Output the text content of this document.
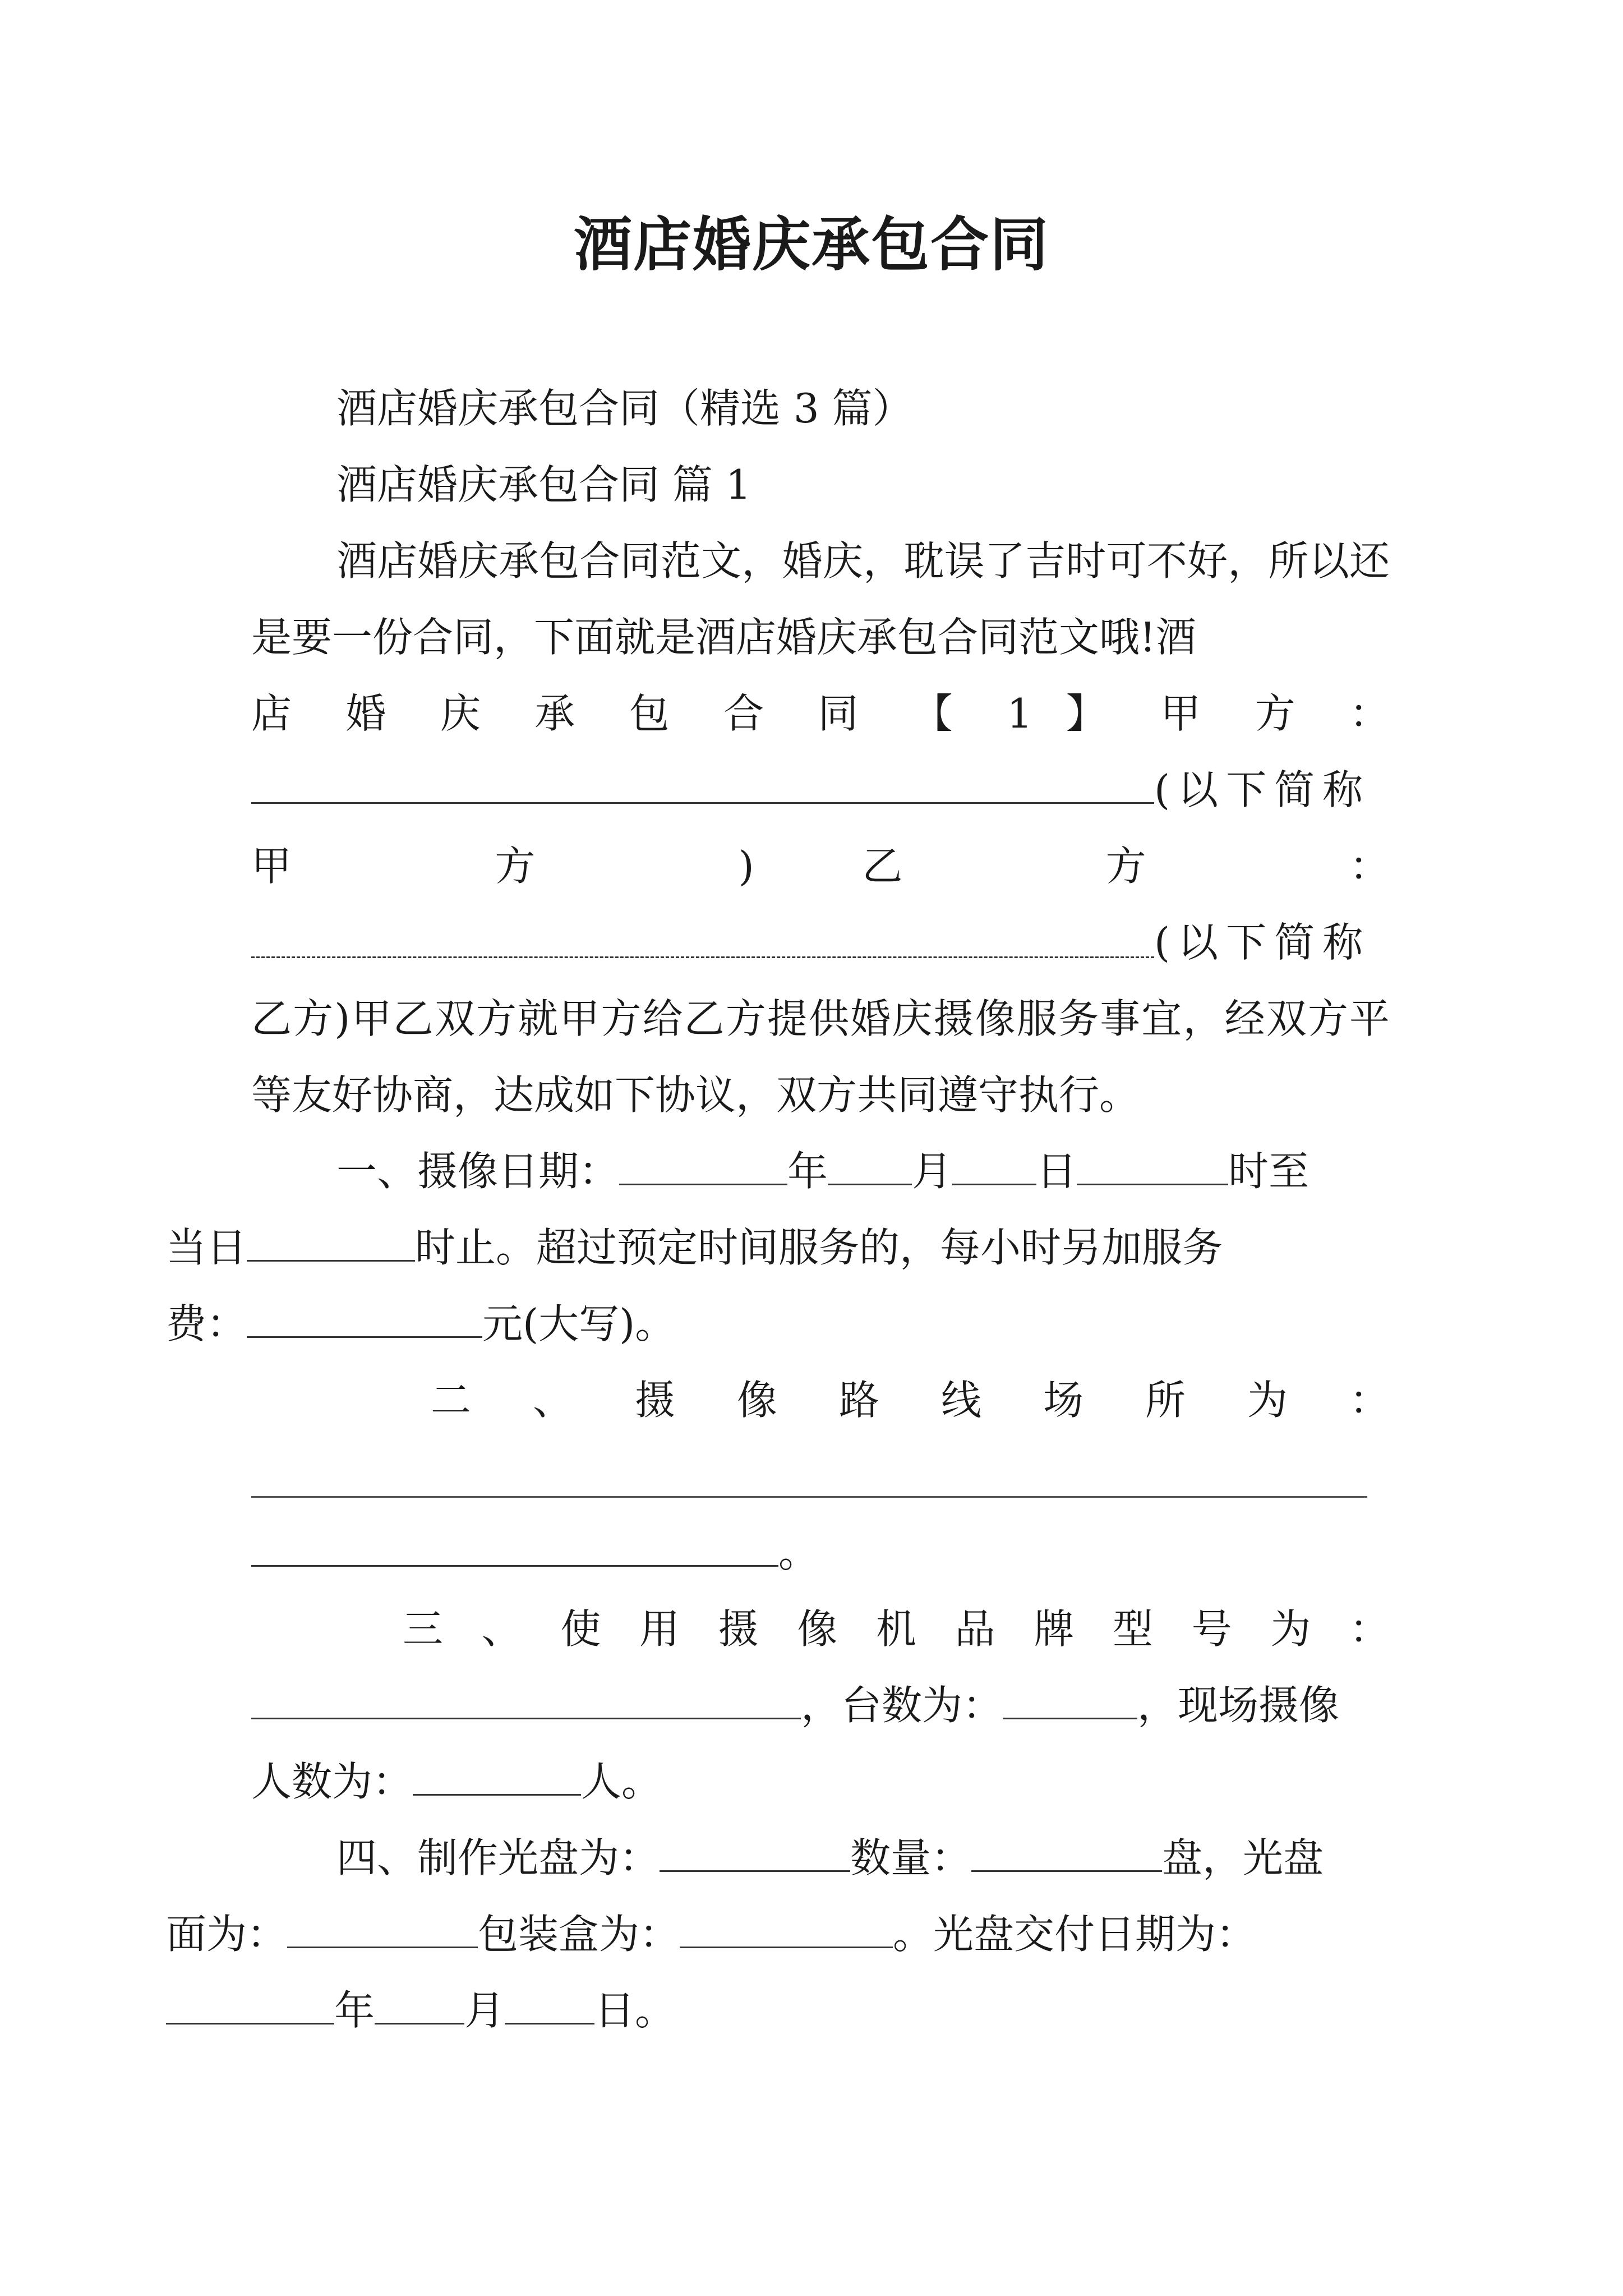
酒店婚庆承包合同

酒店婚庆承包合同（精选 3 篇）

酒店婚庆承包合同 篇 1

酒店婚庆承包合同范文，婚庆，耽误了吉时可不好，所以还是要一份合同，下面就是酒店婚庆承包合同范文哦!酒

店 婚 庆 承 包 合 同 【 1 】 甲 方 ：

(以下简称

甲 方 ) 乙 方 ：

(以下简称

乙方)甲乙双方就甲方给乙方提供婚庆摄像服务事宜，经双方平等友好协商，达成如下协议，双方共同遵守执行。

一、摄像日期：	年 月 日	时至
当日	时止。超过预定时间服务的，每小时另加服务
费：	元(大写)。

二 、 摄 像 路 线 场 所 为 ：

。

三 、 使 用 摄 像 机 品 牌 型 号 为 ：

，台数为：	，现场摄像

人数为：	人。

四、制作光盘为：	数量：	盘，光盘
面为：	包装盒为：	。光盘交付日期为：
年 月 日。
